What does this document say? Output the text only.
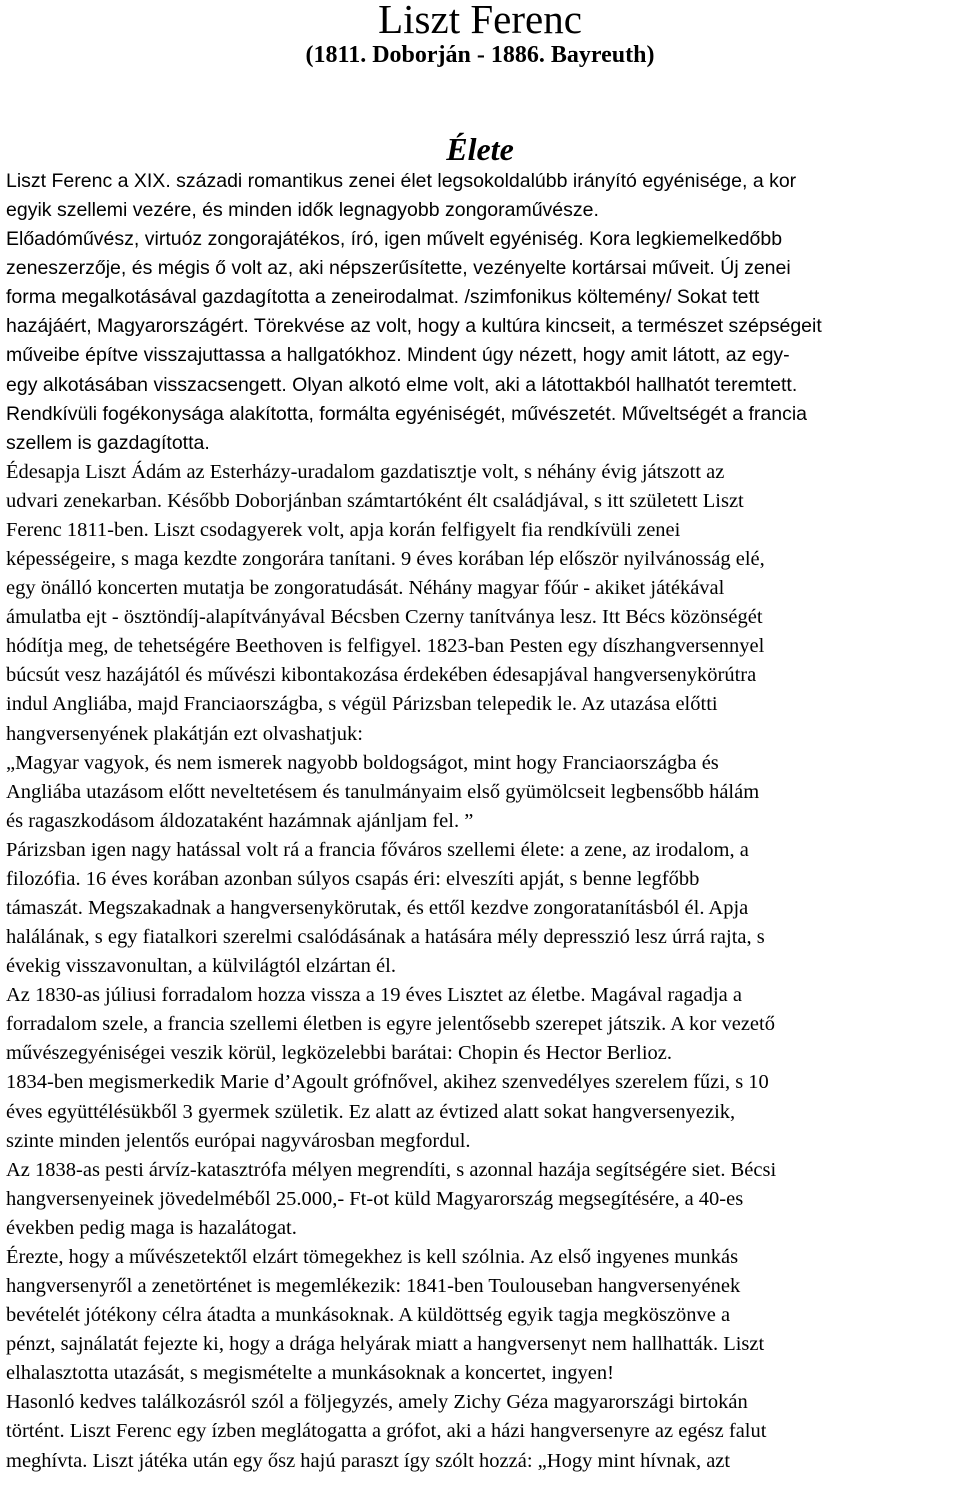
Liszt Ferenc
(1811. Doborján - 1886. Bayreuth)
Élete

Liszt Ferenc a XIX. századi romantikus zenei élet legsokoldalúbb irányító egyénisége, a kor

egyik szellemi vezére, és minden idők legnagyobb zongoraművésze.

Előadóművész, virtuóz zongorajátékos, író, igen művelt egyéniség. Kora legkiemelkedőbb

zeneszerzője, és mégis ő volt az, aki népszerűsítette, vezényelte kortársai műveit. Új zenei

forma megalkotásával gazdagította a zeneirodalmat. /szimfonikus költemény/ Sokat tett

hazájáért, Magyarországért. Törekvése az volt, hogy a kultúra kincseit, a természet szépségeit

műveibe építve visszajuttassa a hallgatókhoz. Mindent úgy nézett, hogy amit látott, az egy-

egy alkotásában visszacsengett. Olyan alkotó elme volt, aki a látottakból hallhatót teremtett.

Rendkívüli fogékonysága alakította, formálta egyéniségét, művészetét. Műveltségét a francia

szellem is gazdagította.

Édesapja Liszt Ádám az Esterházy-uradalom gazdatisztje volt, s néhány évig játszott az

udvari zenekarban. Később Doborjánban számtartóként élt családjával, s itt született Liszt

Ferenc 1811-ben. Liszt csodagyerek volt, apja korán felfigyelt fia rendkívüli zenei

képességeire, s maga kezdte zongorára tanítani. 9 éves korában lép először nyilvánosság elé,

egy önálló koncerten mutatja be zongoratudását. Néhány magyar főúr - akiket játékával

ámulatba ejt - ösztöndíj-alapítványával Bécsben Czerny tanítványa lesz. Itt Bécs közönségét

hódítja meg, de tehetségére Beethoven is felfigyel. 1823-ban Pesten egy díszhangversennyel

búcsút vesz hazájától és művészi kibontakozása érdekében édesapjával hangversenykörútra

indul Angliába, majd Franciaországba, s végül Párizsban telepedik le. Az utazása előtti

hangversenyének plakátján ezt olvashatjuk:

„Magyar vagyok, és nem ismerek nagyobb boldogságot, mint hogy Franciaországba és

Angliába utazásom előtt neveltetésem és tanulmányaim első gyümölcseit legbensőbb hálám

és ragaszkodásom áldozataként hazámnak ajánljam fel. ”

Párizsban igen nagy hatással volt rá a francia főváros szellemi élete: a zene, az irodalom, a

filozófia. 16 éves korában azonban súlyos csapás éri: elveszíti apját, s benne legfőbb

támaszát. Megszakadnak a hangversenykörutak, és ettől kezdve zongoratanításból él. Apja

halálának, s egy fiatalkori szerelmi csalódásának a hatására mély depresszió lesz úrrá rajta, s

évekig visszavonultan, a külvilágtól elzártan él.

Az 1830-as júliusi forradalom hozza vissza a 19 éves Lisztet az életbe. Magával ragadja a

forradalom szele, a francia szellemi életben is egyre jelentősebb szerepet játszik. A kor vezető

művészegyéniségei veszik körül, legközelebbi barátai: Chopin és Hector Berlioz.

1834-ben megismerkedik Marie d’Agoult grófnővel, akihez szenvedélyes szerelem fűzi, s 10

éves együttélésükből 3 gyermek születik. Ez alatt az évtized alatt sokat hangversenyezik,

szinte minden jelentős európai nagyvárosban megfordul.

Az 1838-as pesti árvíz-katasztrófa mélyen megrendíti, s azonnal hazája segítségére siet. Bécsi

hangversenyeinek jövedelméből 25.000,- Ft-ot küld Magyarország megsegítésére, a 40-es

években pedig maga is hazalátogat.

Érezte, hogy a művészetektől elzárt tömegekhez is kell szólnia. Az első ingyenes munkás

hangversenyről a zenetörténet is megemlékezik: 1841-ben Toulouseban hangversenyének

bevételét jótékony célra átadta a munkásoknak. A küldöttség egyik tagja megköszönve a

pénzt, sajnálatát fejezte ki, hogy a drága helyárak miatt a hangversenyt nem hallhatták. Liszt

elhalasztotta utazását, s megismételte a munkásoknak a koncertet, ingyen!

Hasonló kedves találkozásról szól a följegyzés, amely Zichy Géza magyarországi birtokán

történt. Liszt Ferenc egy ízben meglátogatta a grófot, aki a házi hangversenyre az egész falut

meghívta. Liszt játéka után egy ősz hajú paraszt így szólt hozzá: „Hogy mint hívnak, azt
